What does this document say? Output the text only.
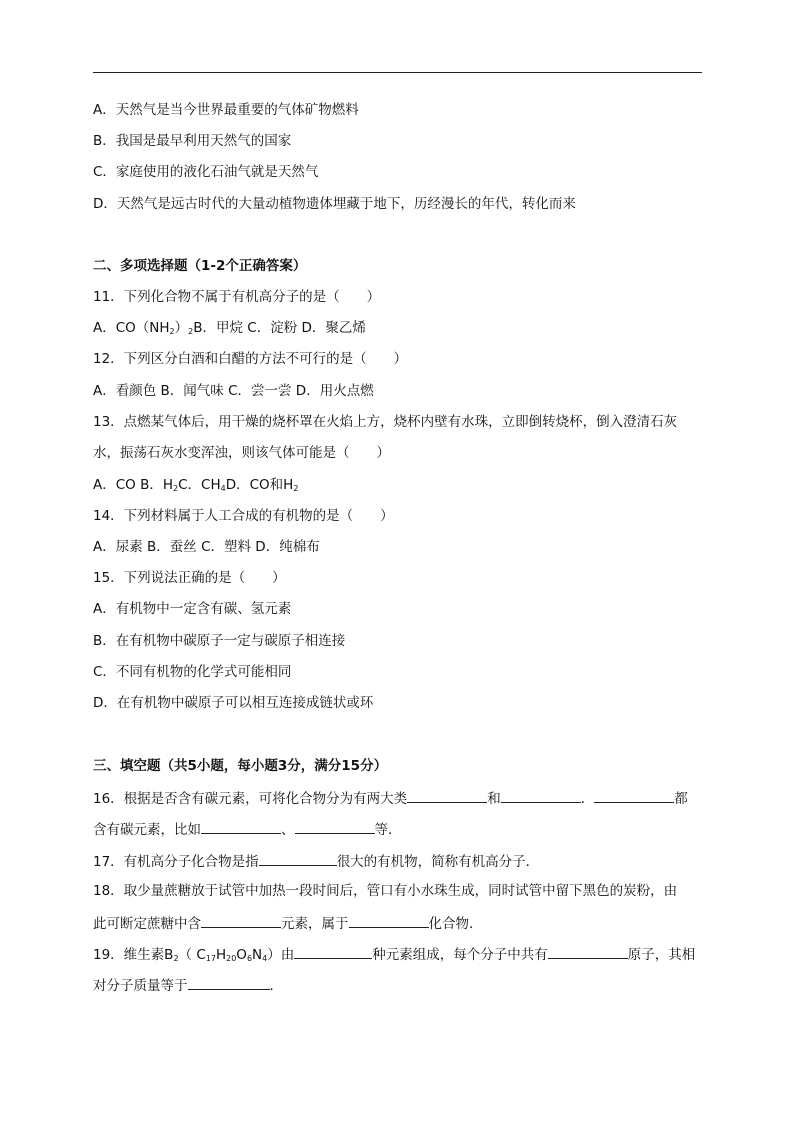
A．天然气是当今世界最重要的气体矿物燃料
B．我国是最早利用天然气的国家
C．家庭使用的液化石油气就是天然气
D．天然气是远古时代的大量动植物遗体埋藏于地下，历经漫长的年代，转化而来
二、多项选择题（1-2个正确答案）
11．下列化合物不属于有机高分子的是（　　）
A．$CO(NH_2)_2B$．甲烷 C．淀粉 D．聚乙烯
12．下列区分白酒和白醋的方法不可行的是（　　）
A．看颜色 B．闻气味 C．尝一尝 D．用火点燃
13．点燃某气体后，用干燥的烧杯罩在火焰上方，烧杯内壁有水珠，立即倒转烧杯，倒入澄清石灰
水，振荡石灰水变浑浊，则该气体可能是（　　）
A．CO B．$H_2C$．$CH_4D$．CO和$H_2$
14．下列材料属于人工合成的有机物的是（　　）
A．尿素 B．蚕丝 C．塑料 D．纯棉布
15．下列说法正确的是（　　）
A．有机物中一定含有碳、氢元素
B．在有机物中碳原子一定与碳原子相连接
C．不同有机物的化学式可能相同
D．在有机物中碳原子可以相互连接成链状或环
三、填空题（共5小题，每小题3分，满分15分）
16．根据是否含有碳元素，可将化合物分为有两大类	和	．	都
含有碳元素，比如	、	等．
17．有机高分子化合物是指	很大的有机物，简称有机高分子．
18．取少量蔗糖放于试管中加热一段时间后，管口有小水珠生成，同时试管中留下黑色的炭粉，由
此可断定蔗糖中含	元素，属于	化合物．
19．维生素$B_2$（ $C_{17}H_{20}O_6N_4$）由	种元素组成，每个分子中共有	原子，其相
对分子质量等于	．
